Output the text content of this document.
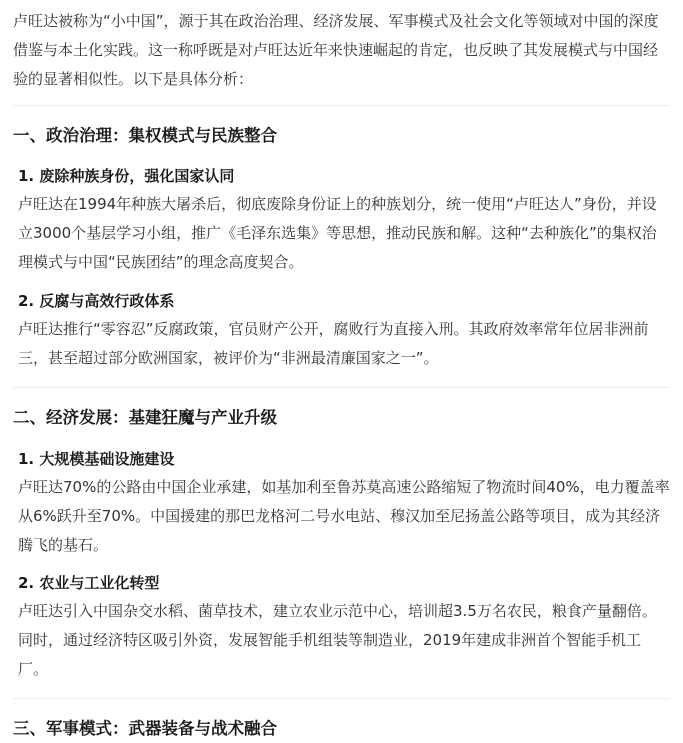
卢旺达被称为“小中国”，源于其在政治治理、经济发展、军事模式及社会文化等领域对中国的深度借鉴与本土化实践。这一称呼既是对卢旺达近年来快速崛起的肯定，也反映了其发展模式与中国经验的显著相似性。以下是具体分析：

一、政治治理：集权模式与民族整合
1. 废除种族身份，强化国家认同

卢旺达在1994年种族大屠杀后，彻底废除身份证上的种族划分，统一使用“卢旺达人”身份，并设立3000个基层学习小组，推广《毛泽东选集》等思想，推动民族和解。这种“去种族化”的集权治理模式与中国“民族团结”的理念高度契合。

2. 反腐与高效行政体系

卢旺达推行“零容忍”反腐政策，官员财产公开，腐败行为直接入刑。其政府效率常年位居非洲前三，甚至超过部分欧洲国家，被评价为“非洲最清廉国家之一”。

二、经济发展：基建狂魔与产业升级
1. 大规模基础设施建设

卢旺达70%的公路由中国企业承建，如基加利至鲁苏莫高速公路缩短了物流时间40%，电力覆盖率从6%跃升至70%。中国援建的那巴龙格河二号水电站、穆汉加至尼扬盖公路等项目，成为其经济腾飞的基石。

2. 农业与工业化转型

卢旺达引入中国杂交水稻、菌草技术，建立农业示范中心，培训超3.5万名农民，粮食产量翻倍。同时，通过经济特区吸引外资，发展智能手机组装等制造业，2019年建成非洲首个智能手机工厂。

三、军事模式：武器装备与战术融合
